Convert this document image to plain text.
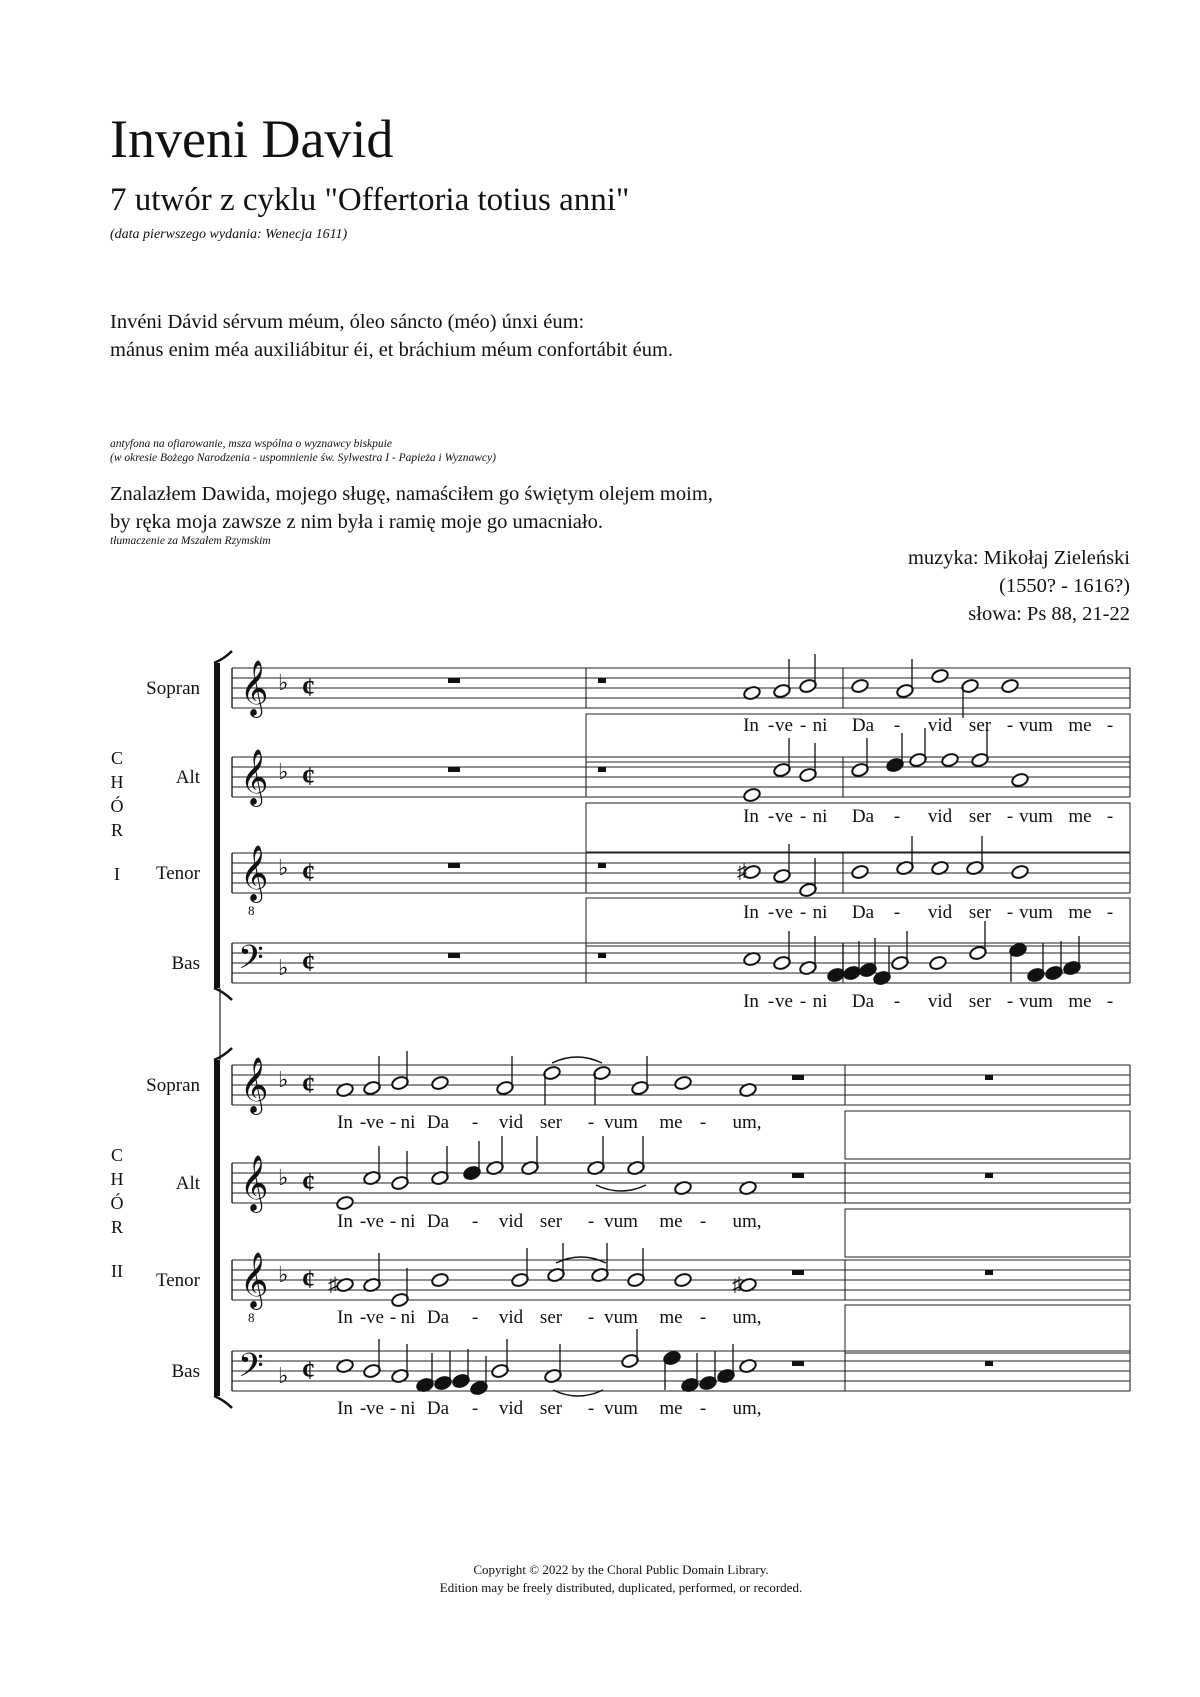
Inveni David
7 utwór z cyklu "Offertoria totius anni"
(data pierwszego wydania: Wenecja 1611)
Invéni Dávid sérvum méum, óleo sáncto (méo) únxi éum:
mánus enim méa auxiliábitur éi, et bráchium méum confortábit éum.
antyfona na ofiarowanie, msza wspólna o wyznawcy biskpuie
(w okresie Bożego Narodzenia - uspomnienie św. Sylwestra I - Papieża i Wyznawcy)
Znalazłem Dawida, mojego sługę, namaściłem go świętym olejem moim,
by ręka moja zawsze z nim była i ramię moje go umacniało.
tłumaczenie za Mszałem Rzymskim
muzyka: Mikołaj Zieleński
(1550? - 1616?)
słowa: Ps 88, 21-22
𝄞 ♭ ¢
Sopran
In - ve - ni Da - vid ser - vum me -
𝄞 ♭ ¢
Alt
In - ve - ni Da - vid ser - vum me -
𝄞
8
♭ ¢
Tenor
In - ve - ni Da - vid ser - vum me -
𝄢 ♭ ¢
Bas
In - ve - ni Da - vid ser - vum me -
♯
C
H
Ó
R
I
𝄞 ♭ ¢
Sopran
In - ve - ni Da - vid ser - vum me - um,
𝄞 ♭ ¢
Alt
In - ve - ni Da - vid ser - vum me - um,
𝄞
8
♭ ¢
Tenor
In - ve - ni Da - vid ser - vum me - um,
𝄢 ♭ ¢
Bas
In - ve - ni Da - vid ser - vum me - um,
♯	♯
C
H
Ó
R
II
Copyright © 2022 by the Choral Public Domain Library.
Edition may be freely distributed, duplicated, performed, or recorded.
